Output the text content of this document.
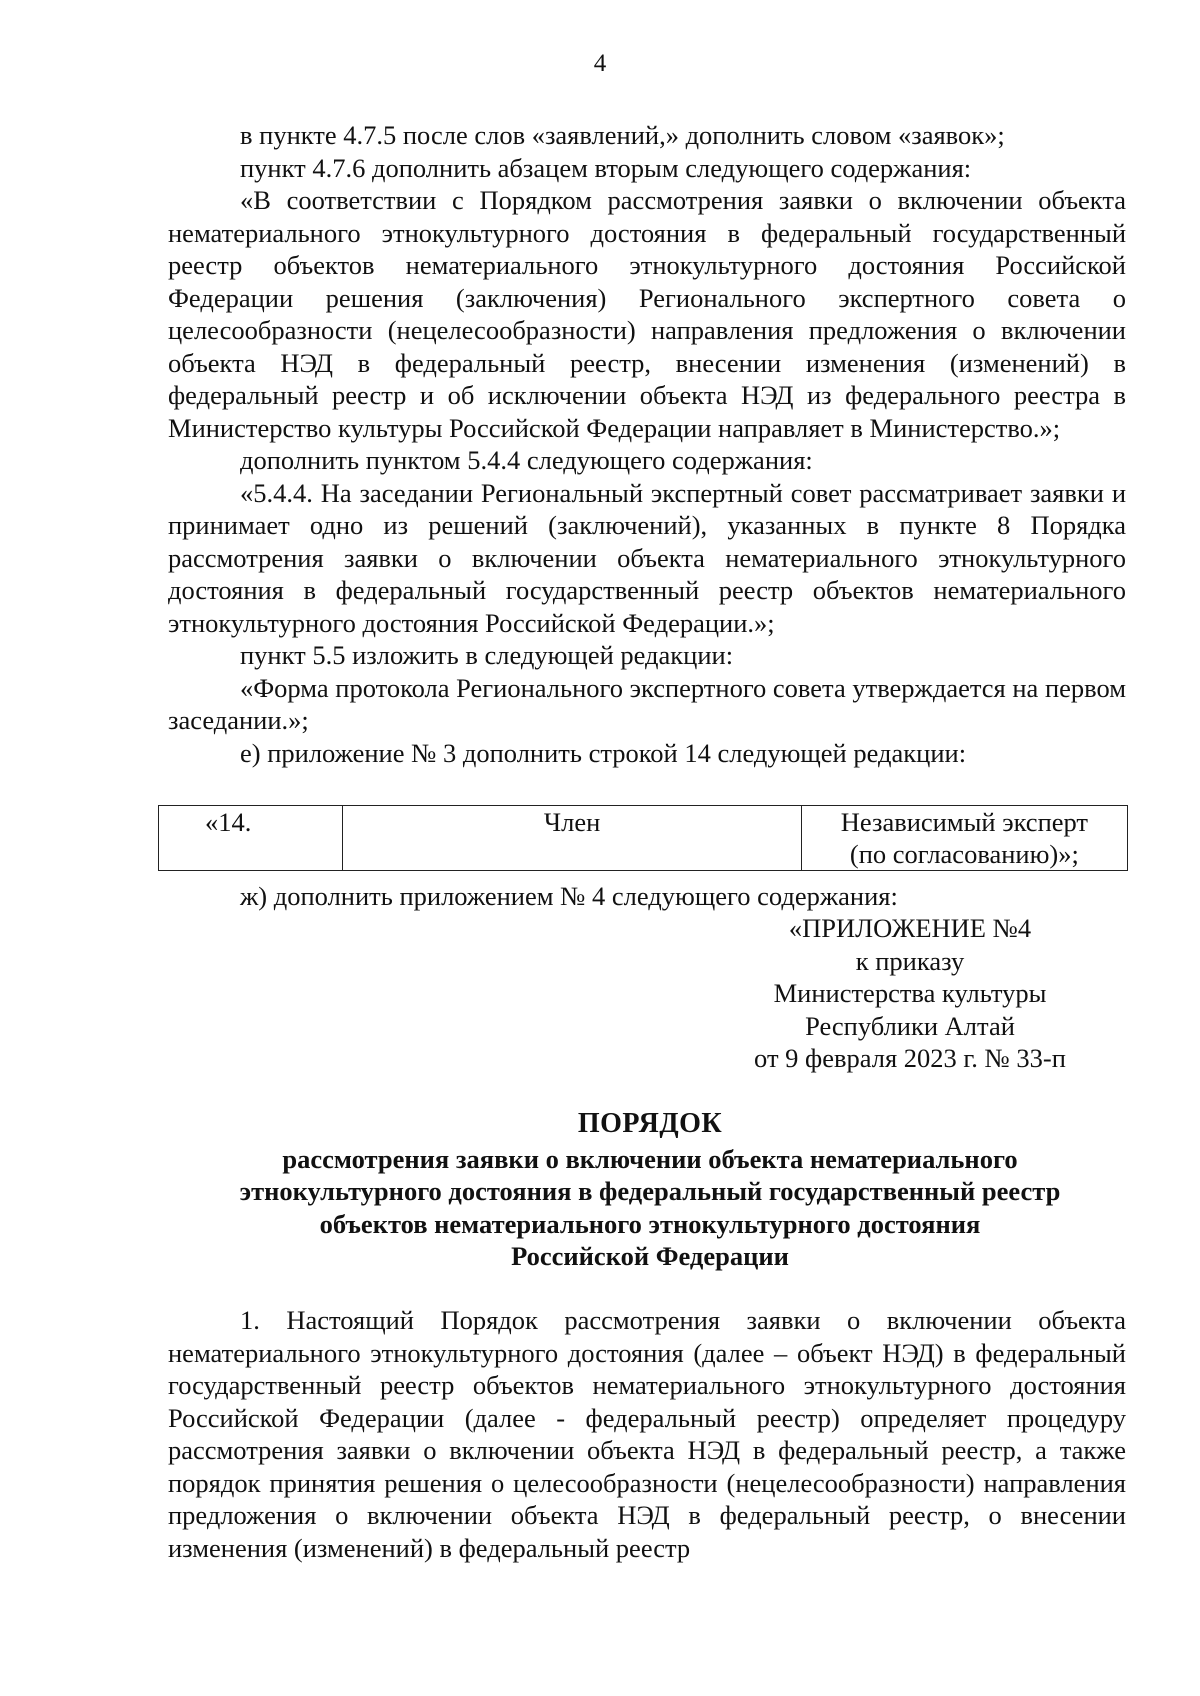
4

в пункте 4.7.5 после слов «заявлений,» дополнить словом «заявок»;

пункт 4.7.6 дополнить абзацем вторым следующего содержания:

«В соответствии с Порядком рассмотрения заявки о включении объекта нематериального этнокультурного достояния в федеральный государственный реестр объектов нематериального этнокультурного достояния Российской Федерации решения (заключения) Регионального экспертного совета о целесообразности (нецелесообразности) направления предложения о включении объекта НЭД в федеральный реестр, внесении изменения (изменений) в федеральный реестр и об исключении объекта НЭД из федерального реестра в Министерство культуры Российской Федерации направляет в Министерство.»;

дополнить пунктом 5.4.4 следующего содержания:

«5.4.4. На заседании Региональный экспертный совет рассматривает заявки и принимает одно из решений (заключений), указанных в пункте 8 Порядка рассмотрения заявки о включении объекта нематериального этнокультурного достояния в федеральный государственный реестр объектов нематериального этнокультурного достояния Российской Федерации.»;

пункт 5.5 изложить в следующей редакции:

«Форма протокола Регионального экспертного совета утверждается на первом заседании.»;

е) приложение № 3 дополнить строкой 14 следующей редакции:

«14.	Член	Независимый эксперт
(по согласованию)»;

ж) дополнить приложением № 4 следующего содержания:

«ПРИЛОЖЕНИЕ №4
к приказу
Министерства культуры
Республики Алтай
от 9 февраля 2023 г. № 33-п
ПОРЯДОК
рассмотрения заявки о включении объекта нематериального
этнокультурного достояния в федеральный государственный реестр
объектов нематериального этнокультурного достояния
Российской Федерации

1. Настоящий Порядок рассмотрения заявки о включении объекта нематериального этнокультурного достояния (далее – объект НЭД) в федеральный государственный реестр объектов нематериального этнокультурного достояния Российской Федерации (далее - федеральный реестр) определяет процедуру рассмотрения заявки о включении объекта НЭД в федеральный реестр, а также порядок принятия решения о целесообразности (нецелесообразности) направления предложения о включении объекта НЭД в федеральный реестр, о внесении изменения (изменений) в федеральный реестр
